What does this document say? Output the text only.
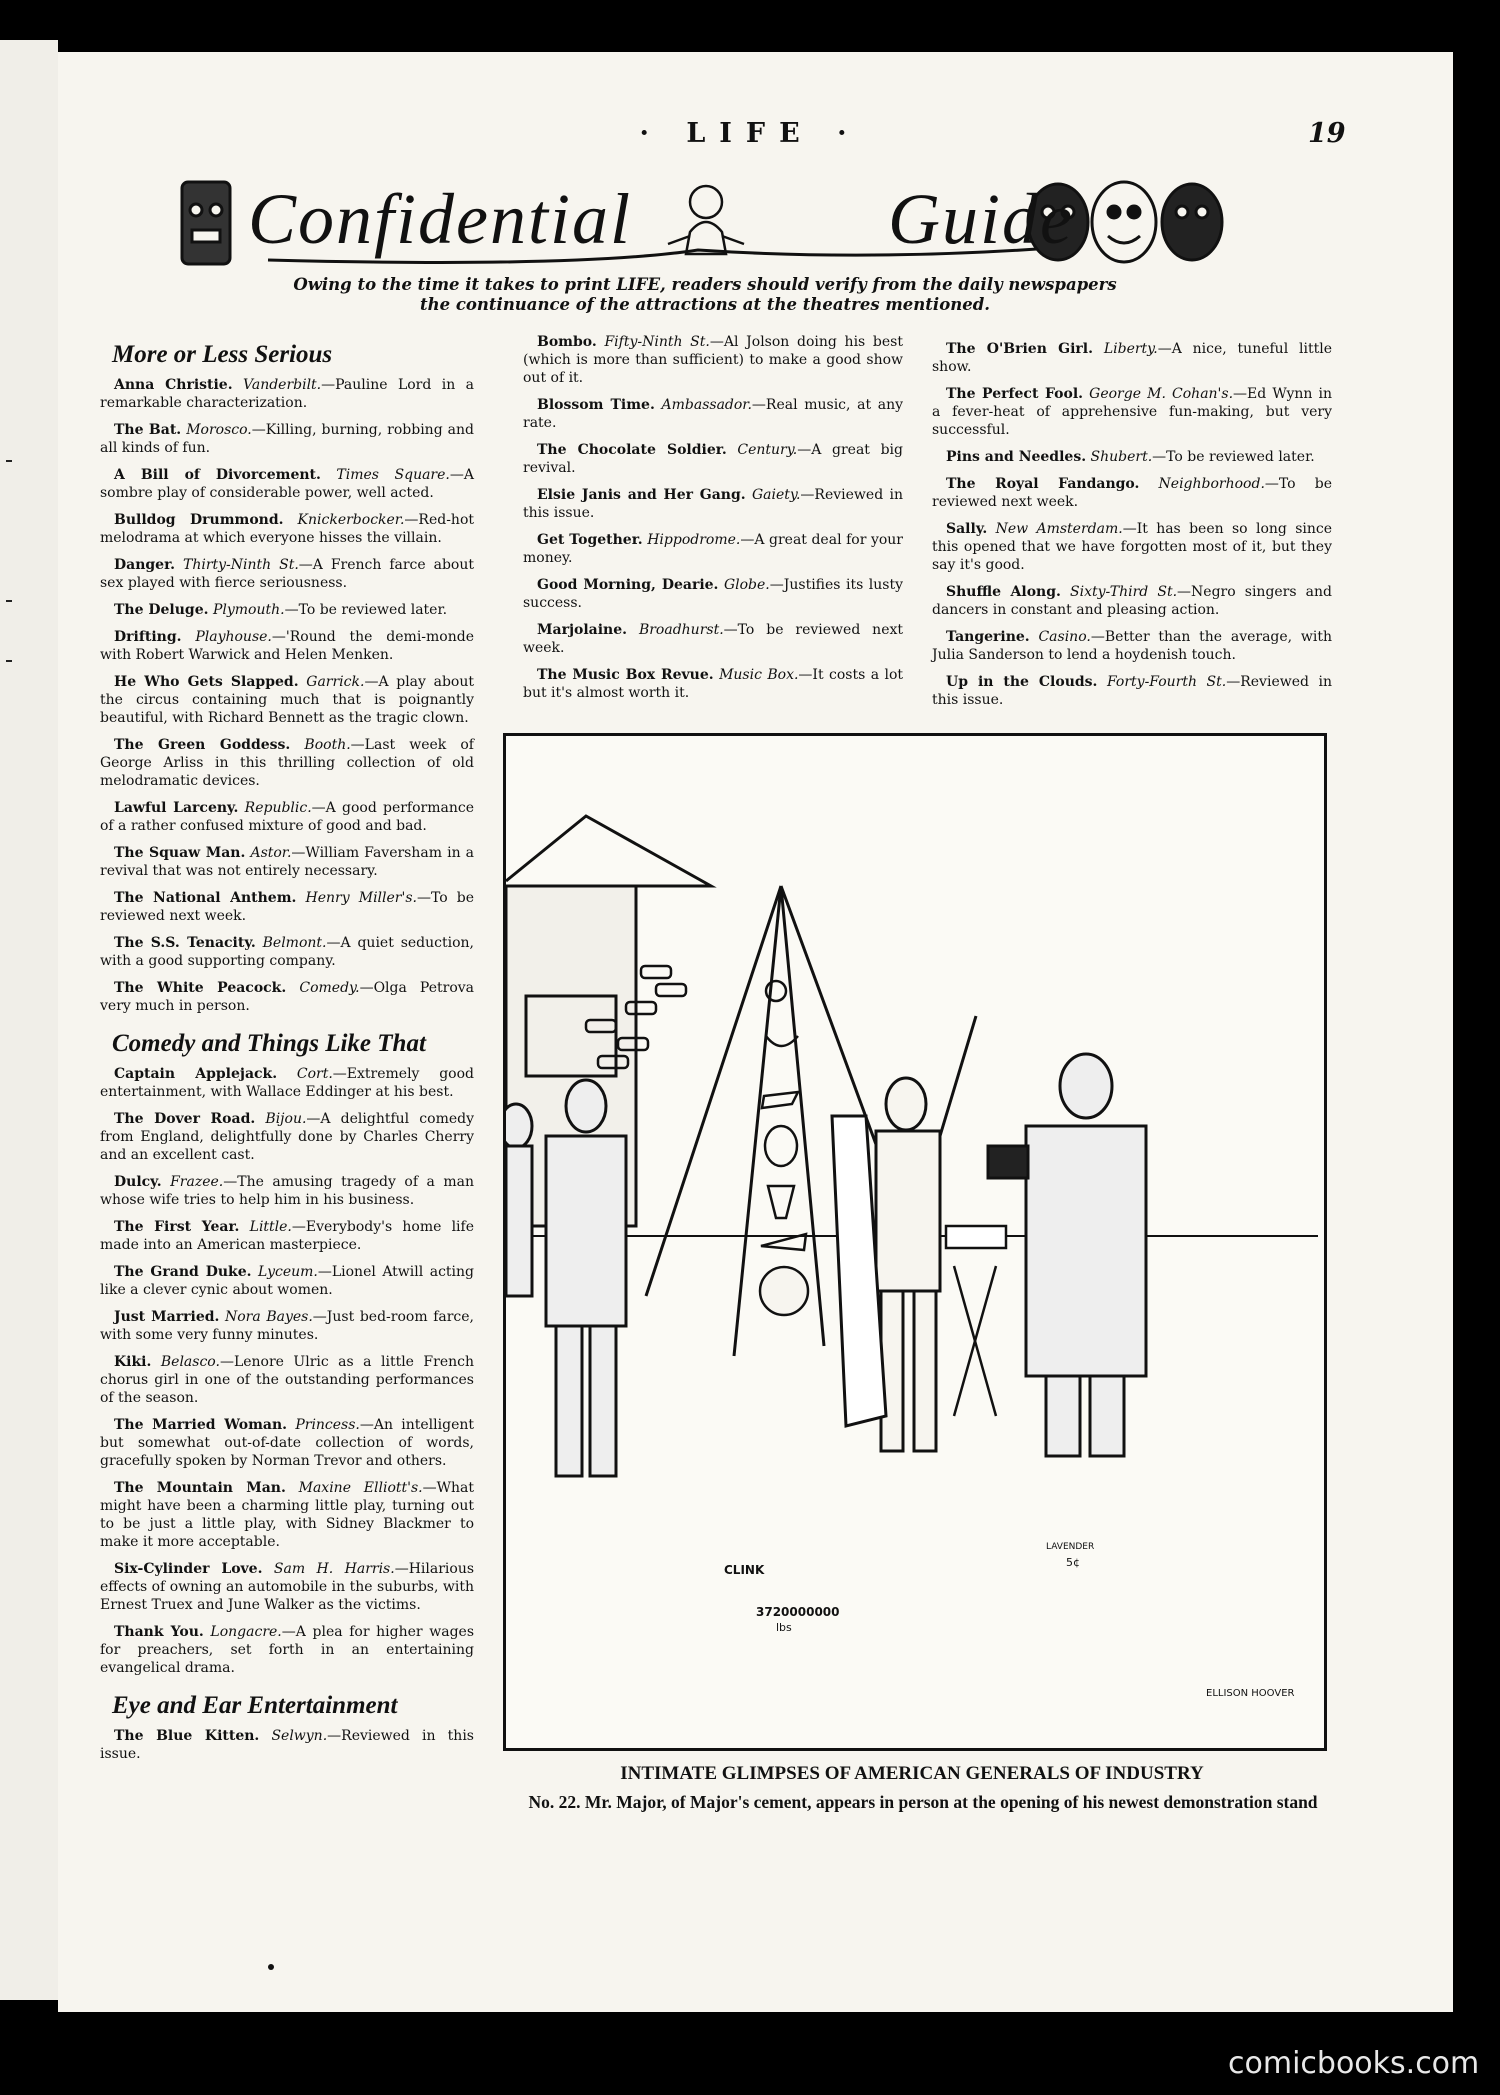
· LIFE ·	19
Confidential	Guide
Owing to the time it takes to print LIFE, readers should verify from the daily newspapers the continuance of the attractions at the theatres mentioned.
More or Less Serious
Anna Christie. Vanderbilt.—Pauline Lord in a remarkable characterization.
The Bat. Morosco.—Killing, burning, robbing and all kinds of fun.
A Bill of Divorcement. Times Square.—A sombre play of considerable power, well acted.
Bulldog Drummond. Knickerbocker.—Red-hot melodrama at which everyone hisses the villain.
Danger. Thirty-Ninth St.—A French farce about sex played with fierce seriousness.
The Deluge. Plymouth.—To be reviewed later.
Drifting. Playhouse.—'Round the demi-monde with Robert Warwick and Helen Menken.
He Who Gets Slapped. Garrick.—A play about the circus containing much that is poignantly beautiful, with Richard Bennett as the tragic clown.
The Green Goddess. Booth.—Last week of George Arliss in this thrilling collection of old melodramatic devices.
Lawful Larceny. Republic.—A good performance of a rather confused mixture of good and bad.
The Squaw Man. Astor.—William Faversham in a revival that was not entirely necessary.
The National Anthem. Henry Miller's.—To be reviewed next week.
The S.S. Tenacity. Belmont.—A quiet seduction, with a good supporting company.
The White Peacock. Comedy.—Olga Petrova very much in person.
Comedy and Things Like That
Captain Applejack. Cort.—Extremely good entertainment, with Wallace Eddinger at his best.
The Dover Road. Bijou.—A delightful comedy from England, delightfully done by Charles Cherry and an excellent cast.
Dulcy. Frazee.—The amusing tragedy of a man whose wife tries to help him in his business.
The First Year. Little.—Everybody's home life made into an American masterpiece.
The Grand Duke. Lyceum.—Lionel Atwill acting like a clever cynic about women.
Just Married. Nora Bayes.—Just bed-room farce, with some very funny minutes.
Kiki. Belasco.—Lenore Ulric as a little French chorus girl in one of the outstanding performances of the season.
The Married Woman. Princess.—An intelligent but somewhat out-of-date collection of words, gracefully spoken by Norman Trevor and others.
The Mountain Man. Maxine Elliott's.—What might have been a charming little play, turning out to be just a little play, with Sidney Blackmer to make it more acceptable.
Six-Cylinder Love. Sam H. Harris.—Hilarious effects of owning an automobile in the suburbs, with Ernest Truex and June Walker as the victims.
Thank You. Longacre.—A plea for higher wages for preachers, set forth in an entertaining evangelical drama.
Eye and Ear Entertainment
The Blue Kitten. Selwyn.—Reviewed in this issue.
Bombo. Fifty-Ninth St.—Al Jolson doing his best (which is more than sufficient) to make a good show out of it.
Blossom Time. Ambassador.—Real music, at any rate.
The Chocolate Soldier. Century.—A great big revival.
Elsie Janis and Her Gang. Gaiety.—Reviewed in this issue.
Get Together. Hippodrome.—A great deal for your money.
Good Morning, Dearie. Globe.—Justifies its lusty success.
Marjolaine. Broadhurst.—To be reviewed next week.
The Music Box Revue. Music Box.—It costs a lot but it's almost worth it.
The O'Brien Girl. Liberty.—A nice, tuneful little show.
The Perfect Fool. George M. Cohan's.—Ed Wynn in a fever-heat of apprehensive fun-making, but very successful.
Pins and Needles. Shubert.—To be reviewed later.
The Royal Fandango. Neighborhood.—To be reviewed next week.
Sally. New Amsterdam.—It has been so long since this opened that we have forgotten most of it, but they say it's good.
Shuffle Along. Sixty-Third St.—Negro singers and dancers in constant and pleasing action.
Tangerine. Casino.—Better than the average, with Julia Sanderson to lend a hoydenish touch.
Up in the Clouds. Forty-Fourth St.—Reviewed in this issue.
CLINK
3720000000
lbs
LAVENDER
5¢
ELLISON HOOVER
INTIMATE GLIMPSES OF AMERICAN GENERALS OF INDUSTRY
No. 22. Mr. Major, of Major's cement, appears in person at the opening of his newest demonstration stand
comicbooks.com
